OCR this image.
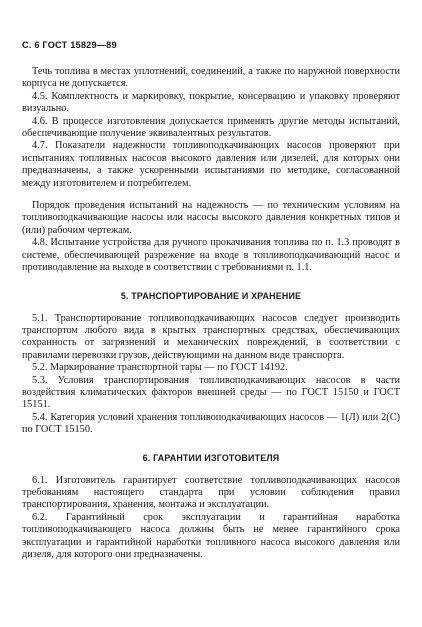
С. 6 ГОСТ 15829—89

Течь топлива в местах уплотнений, соединений, а также по наружной поверхности корпуса не допускается.

4.5. Комплектность и маркировку, покрытие, консервацию и упаковку проверяют визуально.

4.6. В процессе изготовления допускается применять другие методы испытаний, обеспечивающие получение эквивалентных результатов.

4.7. Показатели надежности топливоподкачивающих насосов проверяют при испытаниях топливных насосов высокого давления или дизелей, для которых они предназначены, а также ускоренными испытаниями по методике, согласованной между изготовителем и потребителем.

Порядок проведения испытаний на надежность — по техническим условиям на топливоподкачивающие насосы или насосы высокого давления конкретных типов и (или) рабочим чертежам.

4.8. Испытание устройства для ручного прокачивания топлива по п. 1.3 проводят в системе, обеспечивающей разрежение на входе в топливоподкачивающий насос и противодавление на выходе в соответствии с требованиями п. 1.1.

5. ТРАНСПОРТИРОВАНИЕ И ХРАНЕНИЕ

5.1. Транспортирование топливоподкачивающих насосов следует производить транспортом любого вида в крытых транспортных средствах, обеспечивающих сохранность от загрязнений и механических повреждений, в соответствии с правилами перевозки грузов, действующими на данном виде транспорта.

5.2. Маркирование транспортной тары — по ГОСТ 14192.

5.3. Условия транспортирования топливоподкачивающих насосов в части воздействия климатических факторов внешней среды — по ГОСТ 15150 и ГОСТ 15151.

5.4. Категория условий хранения топливоподкачивающих насосов — 1(Л) или 2(С) по ГОСТ 15150.

6. ГАРАНТИИ ИЗГОТОВИТЕЛЯ

6.1. Изготовитель гарантирует соответствие топливоподкачивающих насосов требованиям настоящего стандарта при условии соблюдения правил транспортирования, хранения, монтажа и эксплуатации.

6.2. Гарантийный срок эксплуатации и гарантийная наработка топливоподкачивающего насоса должны быть не менее гарантийного срока эксплуатации и гарантийной наработки топливного насоса высокого давления или дизеля, для которого они предназначены.
